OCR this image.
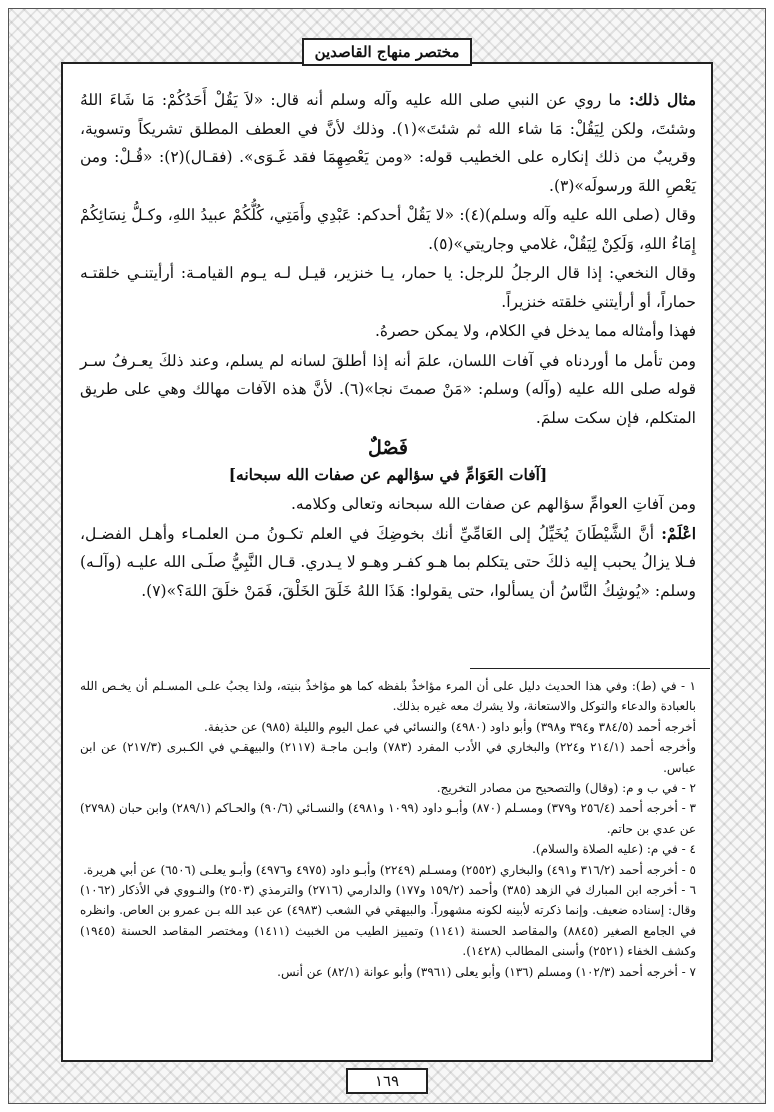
مختصر منهاج القاصدين

مثال ذلك: ما روي عن النبي صلى الله عليه وآله وسلم أنه قال: «لاَ يَقُلْ أَحَدُكُمْ: مَا شَاءَ اللهُ وشئتَ، ولكن لِيَقُلْ: مَا شاء الله ثم شئتَ»(١). وذلك لأنَّ في العطف المطلق تشريكاً وتسوية، وقريبٌ من ذلك إنكاره على الخطيب قوله: «ومن يَعْصِهِمَا فقد غَـوَى». (فقـال)(٢): «قُـلْ: ومن يَعْصِ اللهَ ورسولَه»(٣).

وقال (صلى الله عليه وآله وسلم)(٤): «لا يَقُلْ أحدكم: عَبْدِي وأَمَتِي، كُلُّكُمْ عبيدُ اللهِ، وكـلُّ نِسَائِكُمْ إِمَاءُ اللهِ، وَلَكِنْ لِيَقُلْ، غلامي وجاريتي»(٥).

وقال النخعي: إذا قال الرجلُ للرجل: يا حمار، يـا خنزير، قيـل لـه يـوم القيامـة: أرأيتنـي خلقتـه حماراً، أو أرأيتني خلقته خنزيراً.

فهذا وأمثاله مما يدخل في الكلام، ولا يمكن حصرهُ.

ومن تأمل ما أوردناه في آفات اللسان، علمَ أنه إذا أطلقَ لسانه لم يسلم، وعند ذلكَ يعـرفُ سـر قوله صلى الله عليه (وآله) وسلم: «مَنْ صمتَ نجا»(٦). لأنَّ هذه الآفات مهالك وهي على طريق المتكلم، فإن سكت سلمَ.

فَصْلٌ

[آفات العَوَامِّ في سؤالهم عن صفات الله سبحانه]

ومن آفاتِ العوامِّ سؤالهم عن صفات الله سبحانه وتعالى وكلامه.

اعْلَمْ: أنَّ الشَّيْطَانَ يُخَيِّلُ إلى العَامِّيِّ أنك بخوضِكَ في العلم تكـونُ مـن العلمـاء وأهـل الفضـل، فـلا يزالُ يحبب إليه ذلكَ حتى يتكلم بما هـو كفـر وهـو لا يـدري. قـال النَّبِيُّ صلَـى الله عليـه (وآلـه) وسلم: «يُوشِكُ النَّاسُ أن يسألوا، حتى يقولوا: هَذَا اللهُ خَلَقَ الخَلْقَ، فَمَنْ خلَقَ اللهَ؟»(٧).

١ - في (ط): وفي هذا الحديث دليل على أن المرء مؤاخذٌ بلفظه كما هو مؤاخذٌ بنيته، ولذا يجبُ علـى المسـلم أن يخـص الله بالعبادة والدعاء والتوكل والاستعانة، ولا يشرك معه غيره بذلك.

أخرجه أحمد (٣٨٤/٥ و٣٩٤ و٣٩٨) وأبو داود (٤٩٨٠) والنسائي في عمل اليوم والليلة (٩٨٥) عن حذيفة.

وأخرجه أحمد (٢١٤/١ و٢٢٤) والبخاري في الأدب المفرد (٧٨٣) وابـن ماجـة (٢١١٧) والبيهقـي في الكـبرى (٢١٧/٣) عن ابن عباس.

٢ - في ب و م: (وقال) والتصحيح من مصادر التخريج.

٣ - أخرجه أحمد (٢٥٦/٤ و٣٧٩) ومسـلم (٨٧٠) وأبـو داود (١٠٩٩ و٤٩٨١) والنسـائي (٩٠/٦) والحـاكم (٢٨٩/١) وابن حبان (٢٧٩٨) عن عدي بن حاتم.

٤ - في م: (عليه الصلاة والسلام).

٥ - أخرجه أحمد (٣١٦/٢ و٤٩١) والبخاري (٢٥٥٢) ومسـلم (٢٢٤٩) وأبـو داود (٤٩٧٥ و٤٩٧٦) وأبـو يعلـى (٦٥٠٦) عن أبي هريرة.

٦ - أخرجه ابن المبارك في الزهد (٣٨٥) وأحمد (١٥٩/٢ و١٧٧) والدارمي (٢٧١٦) والترمذي (٢٥٠٣) والنـووي في الأذكار (١٠٦٢) وقال: إسناده ضعيف. وإنما ذكرته لأبينه لكونه مشهوراً. والبيهقي في الشعب (٤٩٨٣) عن عبد الله بـن عمرو بن العاص. وانظره في الجامع الصغير (٨٨٤٥) والمقاصد الحسنة (١١٤١) وتمييز الطيب من الخبيث (١٤١١) ومختصر المقاصد الحسنة (١٩٤٥) وكشف الخفاء (٢٥٢١) وأسنى المطالب (١٤٢٨).

٧ - أخرجه أحمد (١٠٢/٣) ومسلم (١٣٦) وأبو يعلى (٣٩٦١) وأبو عوانة (٨٢/١) عن أنس.

١٦٩
